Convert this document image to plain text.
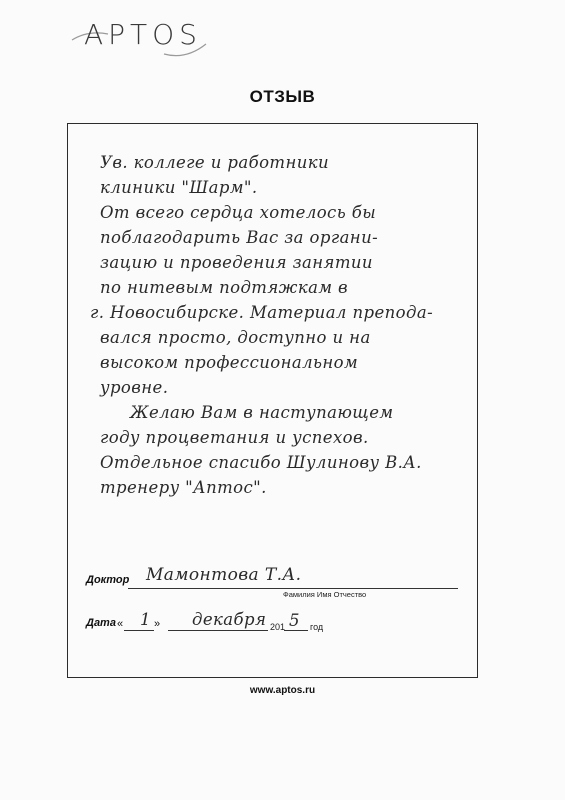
APTOS
ОТЗЫВ
Ув. коллеге и работники
клиники "Шарм".
От всего сердца хотелось бы
поблагодарить Вас за органи-
зацию и проведения занятии
по нитевым подтяжкам в
г. Новосибирске. Материал препода-
вался просто, доступно и на
высоком профессиональном
уровне.
Желаю Вам в наступающем
году процветания и успехов.
Отдельное спасибо Шулинову В.А.
тренеру "Аптос".
Доктор Мамонтова Т.А.
Фамилия Имя Отчество
Дата « 1 » декабря 201 5 год
www.aptos.ru
